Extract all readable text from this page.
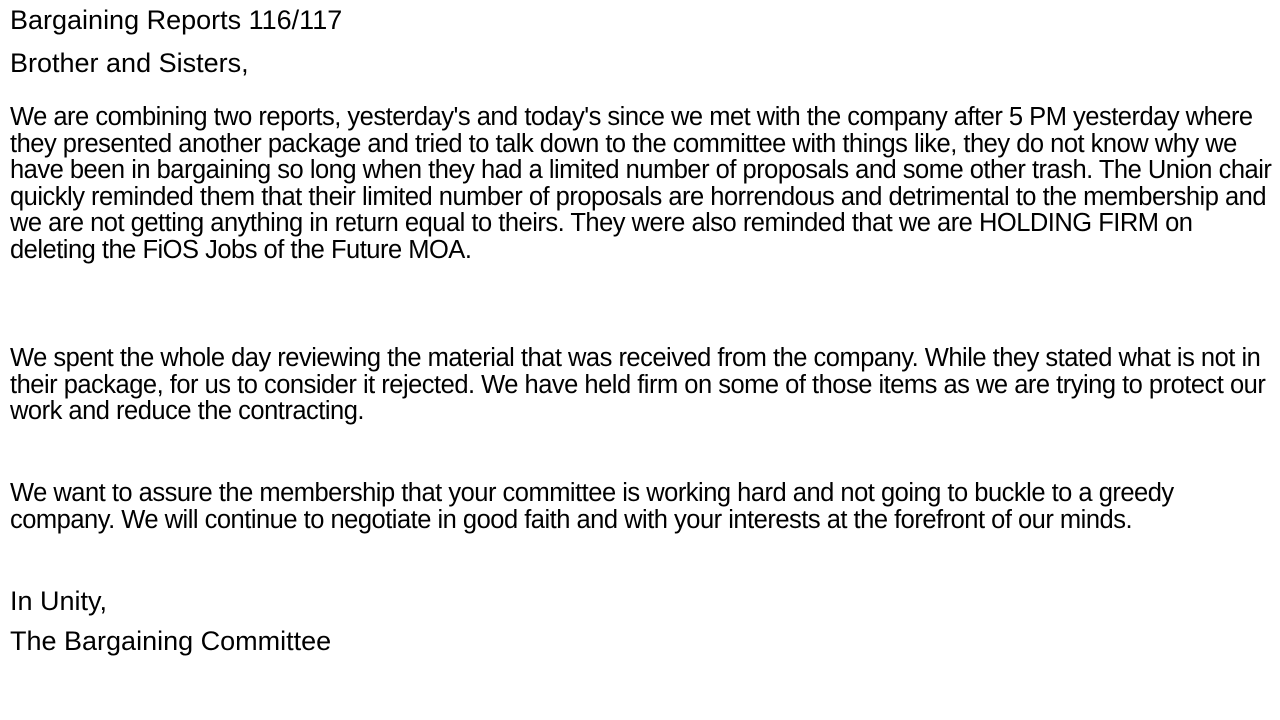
Bargaining Reports 116/117
Brother and Sisters,
We are combining two reports, yesterday's and today's since we met with the company after 5 PM yesterday where they presented another package and tried to talk down to the committee with things like, they do not know why we have been in bargaining so long when they had a limited number of proposals and some other trash. The Union chair quickly reminded them that their limited number of proposals are horrendous and detrimental to the membership and we are not getting anything in return equal to theirs. They were also reminded that we are HOLDING FIRM on deleting the FiOS Jobs of the Future MOA.
We spent the whole day reviewing the material that was received from the company. While they stated what is not in their package, for us to consider it rejected. We have held firm on some of those items as we are trying to protect our work and reduce the contracting.
We want to assure the membership that your committee is working hard and not going to buckle to a greedy company. We will continue to negotiate in good faith and with your interests at the forefront of our minds.
In Unity,
The Bargaining Committee
